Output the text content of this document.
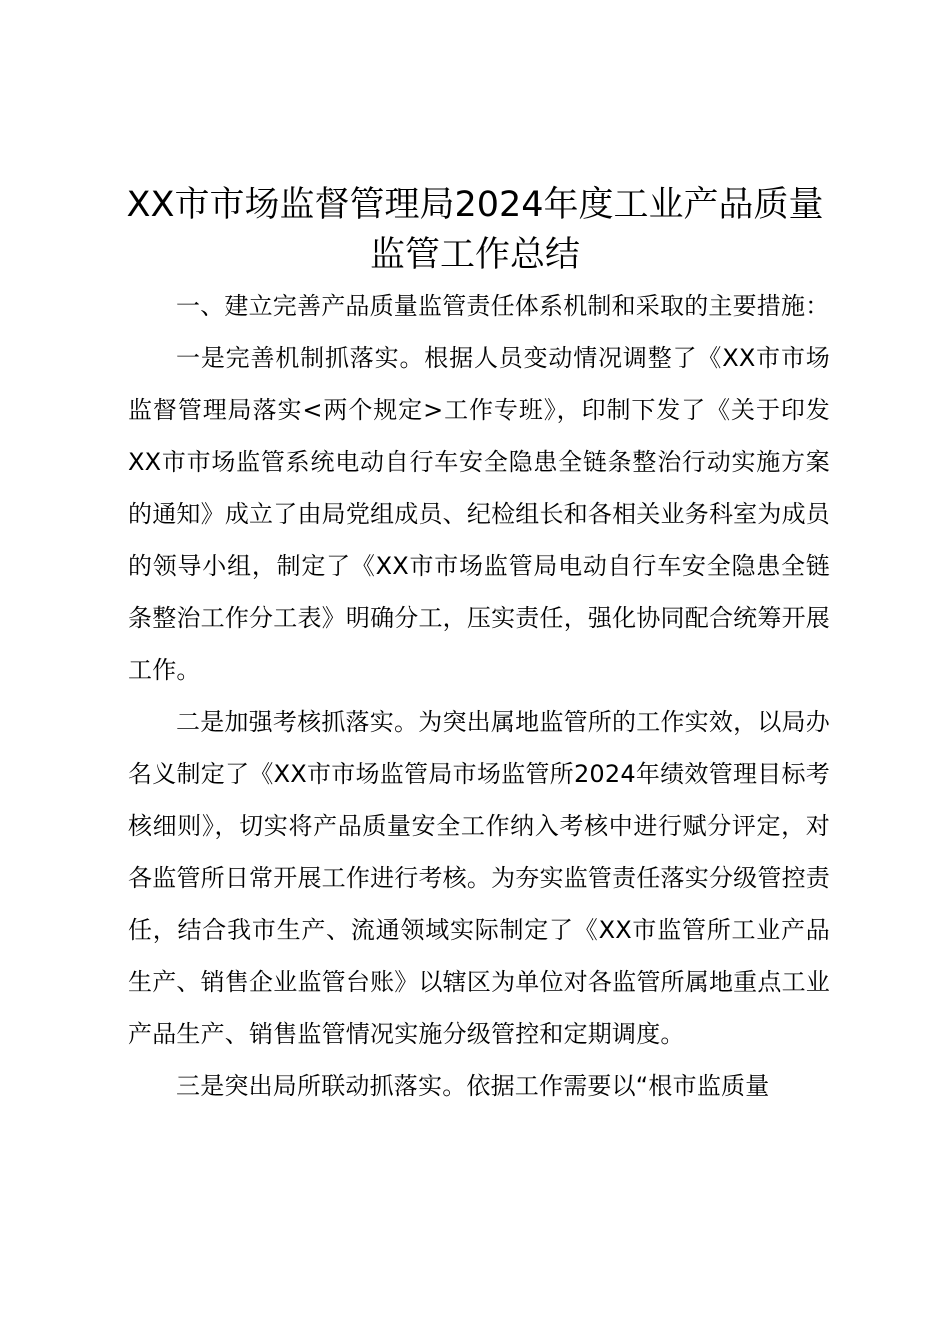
XX市市场监督管理局2024年度工业产品质量监管工作总结

一、建立完善产品质量监管责任体系机制和采取的主要措施：

一是完善机制抓落实。根据人员变动情况调整了《XX市市场监督管理局落实<两个规定>工作专班》，印制下发了《关于印发XX市市场监管系统电动自行车安全隐患全链条整治行动实施方案的通知》成立了由局党组成员、纪检组长和各相关业务科室为成员的领导小组，制定了《XX市市场监管局电动自行车安全隐患全链条整治工作分工表》明确分工，压实责任，强化协同配合统筹开展工作。

二是加强考核抓落实。为突出属地监管所的工作实效，以局办名义制定了《XX市市场监管局市场监管所2024年绩效管理目标考核细则》，切实将产品质量安全工作纳入考核中进行赋分评定，对各监管所日常开展工作进行考核。为夯实监管责任落实分级管控责任，结合我市生产、流通领域实际制定了《XX市监管所工业产品生产、销售企业监管台账》以辖区为单位对各监管所属地重点工业产品生产、销售监管情况实施分级管控和定期调度。

三是突出局所联动抓落实。依据工作需要以“根市监质量
